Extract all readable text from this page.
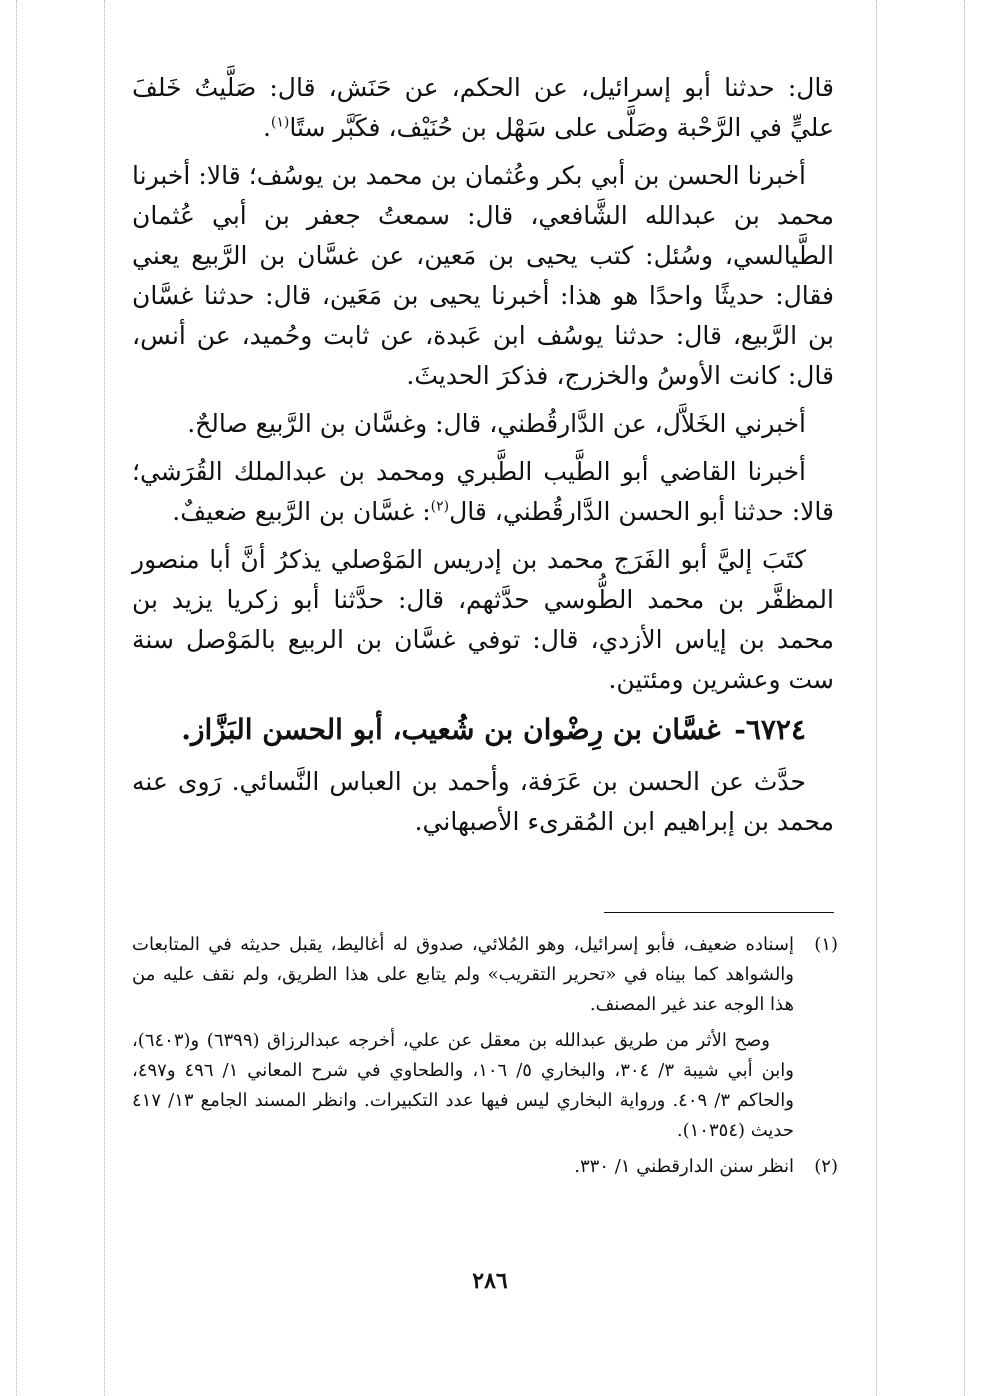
قال: حدثنا أبو إسرائيل، عن الحكم، عن حَنَش، قال: صَلَّيتُ خَلفَ عليٍّ في الرَّحْبة وصَلَّى على سَهْل بن حُنَيْف، فكَبَّر ستًا$^{(١)}$.

أخبرنا الحسن بن أبي بكر وعُثمان بن محمد بن يوسُف؛ قالا: أخبرنا محمد بن عبدالله الشَّافعي، قال: سمعتُ جعفر بن أبي عُثمان الطَّيالسي، وسُئل: كتب يحيى بن مَعين، عن غسَّان بن الرَّبيع يعني فقال: حديثًا واحدًا هو هذا: أخبرنا يحيى بن مَعَين، قال: حدثنا غسَّان بن الرَّبيع، قال: حدثنا يوسُف ابن عَبدة، عن ثابت وحُميد، عن أنس، قال: كانت الأوسُ والخزرج، فذكرَ الحديثَ.

أخبرني الخَلاَّل، عن الدَّارقُطني، قال: وغسَّان بن الرَّبيع صالحٌ.

أخبرنا القاضي أبو الطَّيب الطَّبري ومحمد بن عبدالملك القُرَشي؛ قالا: حدثنا أبو الحسن الدَّارقُطني، قال$^{(٢)}$: غسَّان بن الرَّبيع ضعيفٌ.

كتَبَ إليَّ أبو الفَرَج محمد بن إدريس المَوْصلي يذكرُ أنَّ أبا منصور المظفَّر بن محمد الطُّوسي حدَّثهم، قال: حدَّثنا أبو زكريا يزيد بن محمد بن إياس الأزدي، قال: توفي غسَّان بن الربيع بالمَوْصل سنة ست وعشرين ومئتين.

٦٧٢٤- غسَّان بن رِضْوان بن شُعيب، أبو الحسن البَزَّاز.

حدَّث عن الحسن بن عَرَفة، وأحمد بن العباس النَّسائي. رَوى عنه محمد بن إبراهيم ابن المُقرىء الأصبهاني.

(١)
إسناده ضعيف، فأبو إسرائيل، وهو المُلائي، صدوق له أغاليط، يقبل حديثه في المتابعات والشواهد كما بيناه في «تحرير التقريب» ولم يتابع على هذا الطريق، ولم نقف عليه من هذا الوجه عند غير المصنف.
وصح الأثر من طريق عبدالله بن معقل عن علي، أخرجه عبدالرزاق (٦٣٩٩) و(٦٤٠٣)، وابن أبي شيبة ٣/ ٣٠٤، والبخاري ٥/ ١٠٦، والطحاوي في شرح المعاني ١/ ٤٩٦ و٤٩٧، والحاكم ٣/ ٤٠٩. ورواية البخاري ليس فيها عدد التكبيرات. وانظر المسند الجامع ١٣/ ٤١٧ حديث (١٠٣٥٤).
(٢)
انظر سنن الدارقطني ١/ ٣٣٠.
٢٨٦
